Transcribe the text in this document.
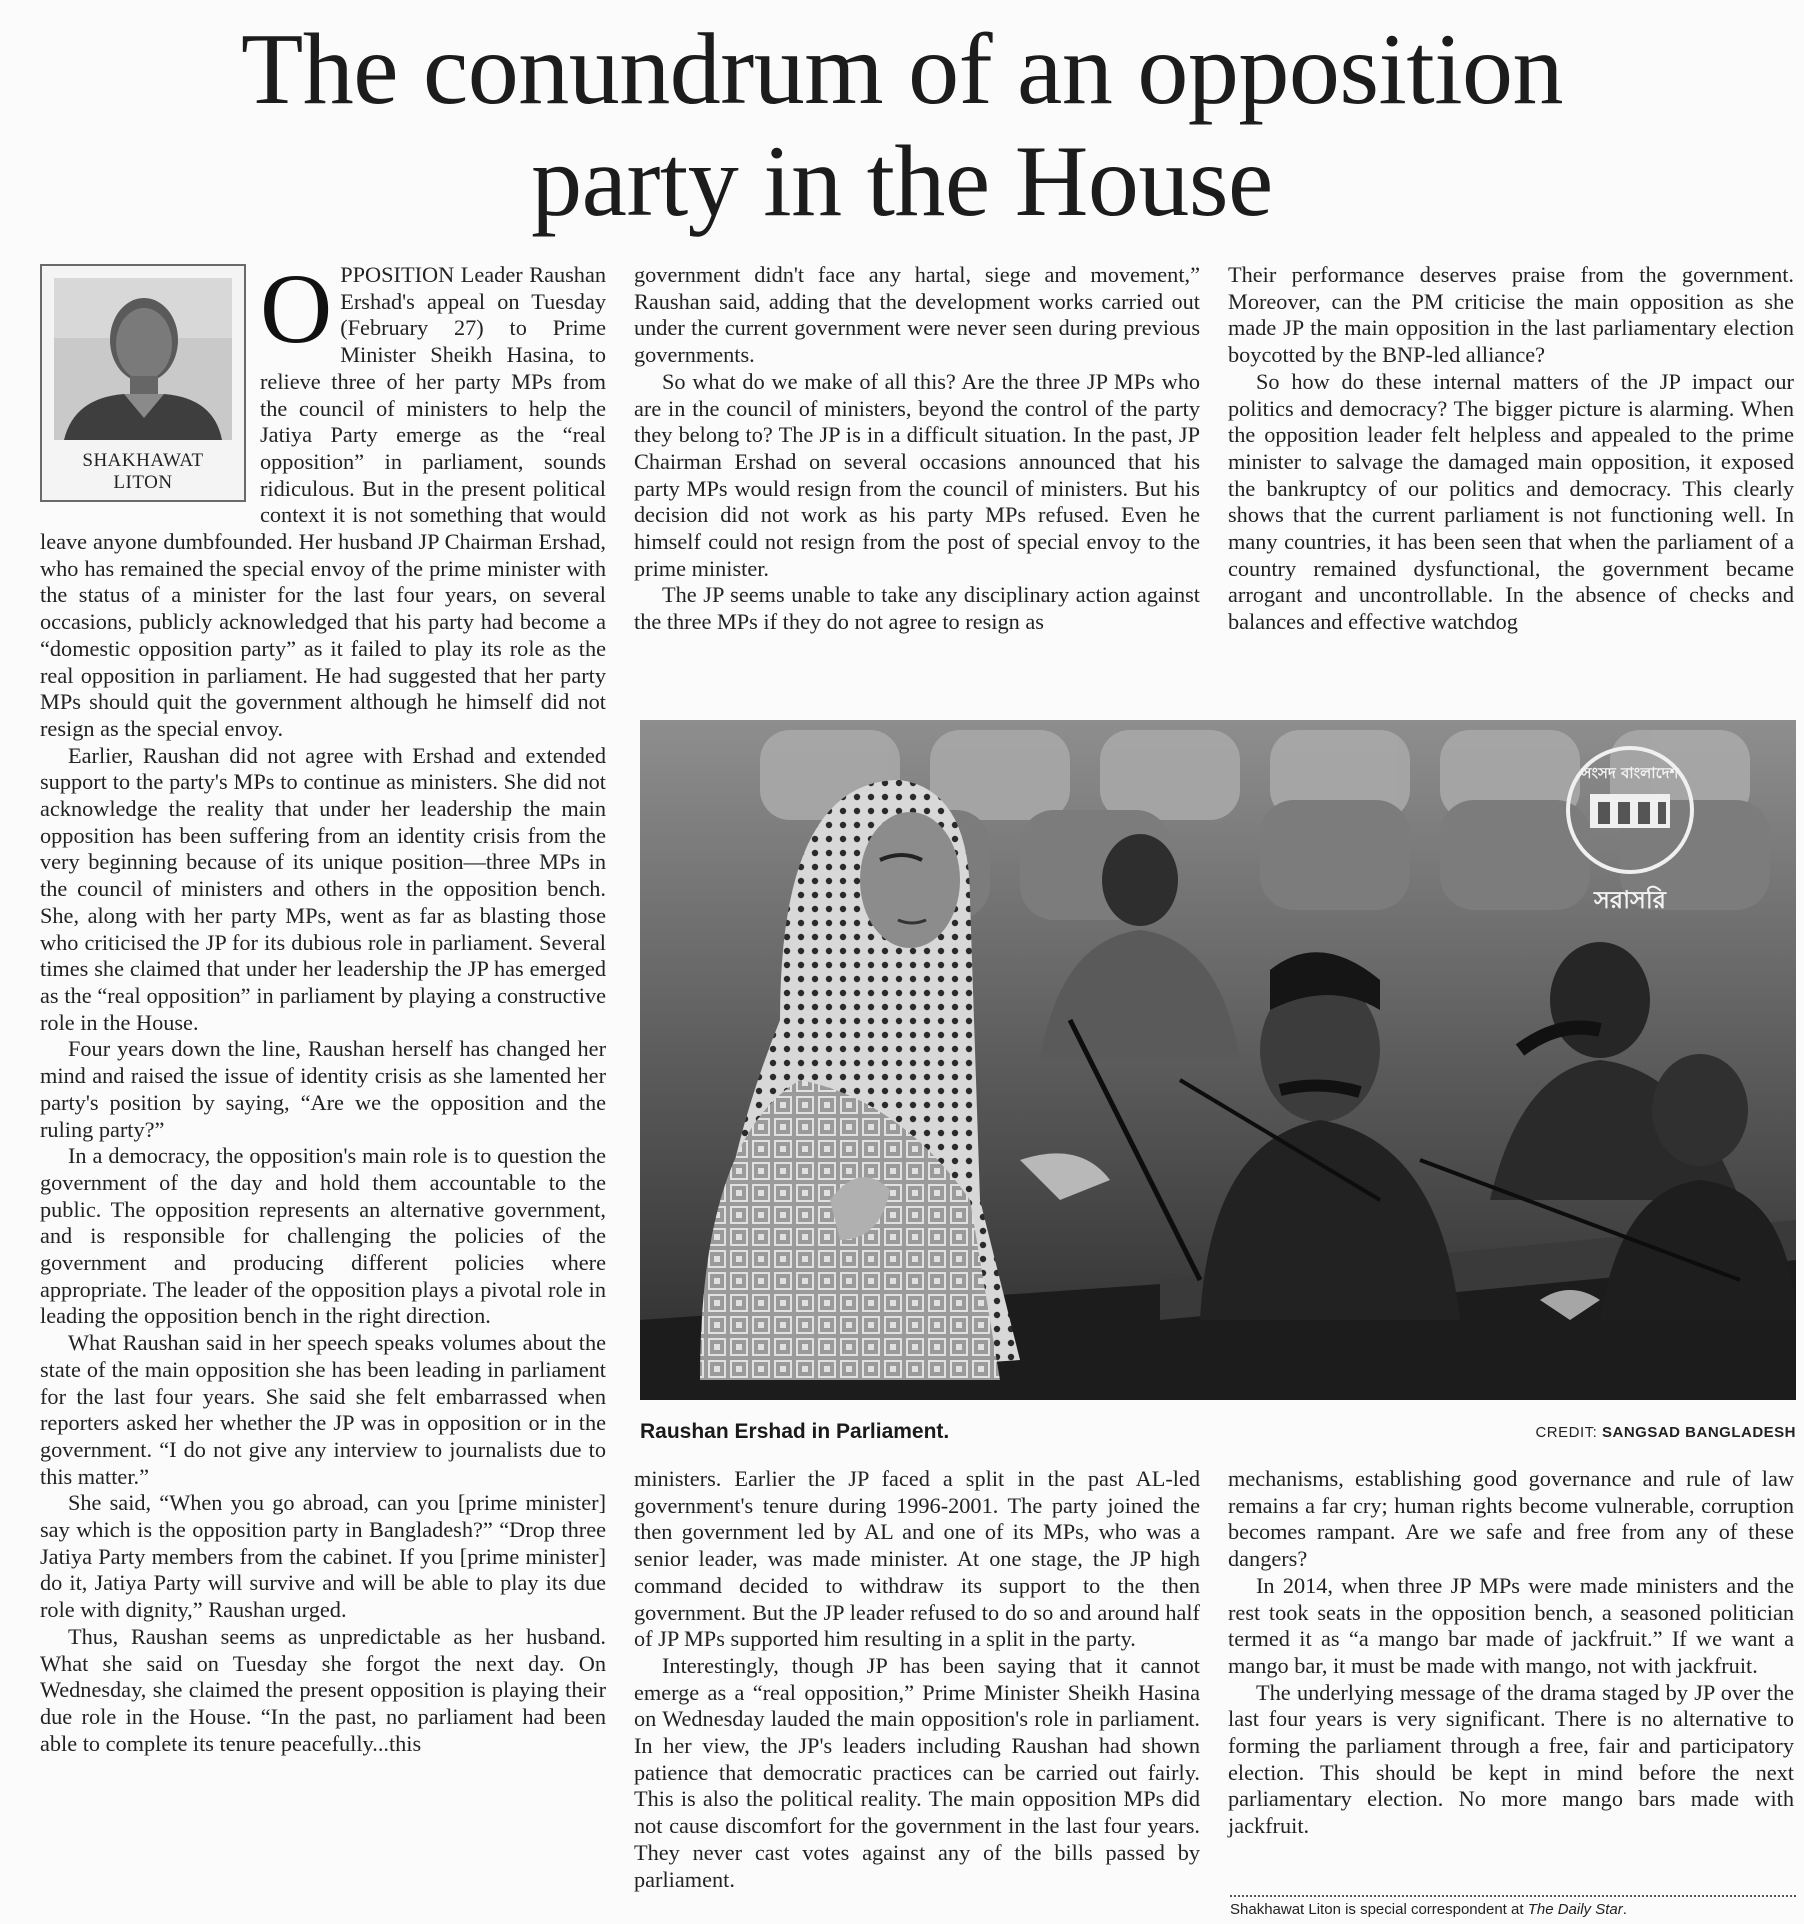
The conundrum of an opposition
party in the House
SHAKHAWAT
LITON
O PPOSITION Leader Raushan Ershad's appeal on Tuesday (February 27) to Prime Minister Sheikh Hasina, to relieve three of her party MPs from the council of ministers to help the Jatiya Party emerge as the “real opposition” in parliament, sounds ridiculous. But in the present political context it is not something that would leave anyone dumbfounded. Her husband JP Chairman Ershad, who has remained the special envoy of the prime minister with the status of a minister for the last four years, on several occasions, publicly acknowledged that his party had become a “domestic opposition party” as it failed to play its role as the real opposition in parliament. He had suggested that her party MPs should quit the government although he himself did not resign as the special envoy.

Earlier, Raushan did not agree with Ershad and extended support to the party's MPs to continue as ministers. She did not acknowledge the reality that under her leadership the main opposition has been suffering from an identity crisis from the very beginning because of its unique position—three MPs in the council of ministers and others in the opposition bench. She, along with her party MPs, went as far as blasting those who criticised the JP for its dubious role in parliament. Several times she claimed that under her leadership the JP has emerged as the “real opposition” in parliament by playing a constructive role in the House.

Four years down the line, Raushan herself has changed her mind and raised the issue of identity crisis as she lamented her party's position by saying, “Are we the opposition and the ruling party?”

In a democracy, the opposition's main role is to question the government of the day and hold them accountable to the public. The opposition represents an alternative government, and is responsible for challenging the policies of the government and producing different policies where appropriate. The leader of the opposition plays a pivotal role in leading the opposition bench in the right direction.

What Raushan said in her speech speaks volumes about the state of the main opposition she has been leading in parliament for the last four years. She said she felt embarrassed when reporters asked her whether the JP was in opposition or in the government. “I do not give any interview to journalists due to this matter.”

She said, “When you go abroad, can you [prime minister] say which is the opposition party in Bangladesh?” “Drop three Jatiya Party members from the cabinet. If you [prime minister] do it, Jatiya Party will survive and will be able to play its due role with dignity,” Raushan urged.

Thus, Raushan seems as unpredictable as her husband. What she said on Tuesday she forgot the next day. On Wednesday, she claimed the present opposition is playing their due role in the House. “In the past, no parliament had been able to complete its tenure peacefully...this

government didn't face any hartal, siege and movement,” Raushan said, adding that the development works carried out under the current government were never seen during previous governments.

So what do we make of all this? Are the three JP MPs who are in the council of ministers, beyond the control of the party they belong to? The JP is in a difficult situation. In the past, JP Chairman Ershad on several occasions announced that his party MPs would resign from the council of ministers. But his decision did not work as his party MPs refused. Even he himself could not resign from the post of special envoy to the prime minister.

The JP seems unable to take any disciplinary action against the three MPs if they do not agree to resign as

Their performance deserves praise from the government. Moreover, can the PM criticise the main opposition as she made JP the main opposition in the last parliamentary election boycotted by the BNP-led alliance?

So how do these internal matters of the JP impact our politics and democracy? The bigger picture is alarming. When the opposition leader felt helpless and appealed to the prime minister to salvage the damaged main opposition, it exposed the bankruptcy of our politics and democracy. This clearly shows that the current parliament is not functioning well. In many countries, it has been seen that when the parliament of a country remained dysfunctional, the government became arrogant and uncontrollable. In the absence of checks and balances and effective watchdog

সংসদ বাংলাদেশ
সরাসরি
Raushan Ershad in Parliament.	CREDIT: SANGSAD BANGLADESH

ministers. Earlier the JP faced a split in the past AL-led government's tenure during 1996-2001. The party joined the then government led by AL and one of its MPs, who was a senior leader, was made minister. At one stage, the JP high command decided to withdraw its support to the then government. But the JP leader refused to do so and around half of JP MPs supported him resulting in a split in the party.

Interestingly, though JP has been saying that it cannot emerge as a “real opposition,” Prime Minister Sheikh Hasina on Wednesday lauded the main opposition's role in parliament. In her view, the JP's leaders including Raushan had shown patience that democratic practices can be carried out fairly. This is also the political reality. The main opposition MPs did not cause discomfort for the government in the last four years. They never cast votes against any of the bills passed by parliament.

mechanisms, establishing good governance and rule of law remains a far cry; human rights become vulnerable, corruption becomes rampant. Are we safe and free from any of these dangers?

In 2014, when three JP MPs were made ministers and the rest took seats in the opposition bench, a seasoned politician termed it as “a mango bar made of jackfruit.” If we want a mango bar, it must be made with mango, not with jackfruit.

The underlying message of the drama staged by JP over the last four years is very significant. There is no alternative to forming the parliament through a free, fair and participatory election. This should be kept in mind before the next parliamentary election. No more mango bars made with jackfruit.

Shakhawat Liton is special correspondent at The Daily Star.
